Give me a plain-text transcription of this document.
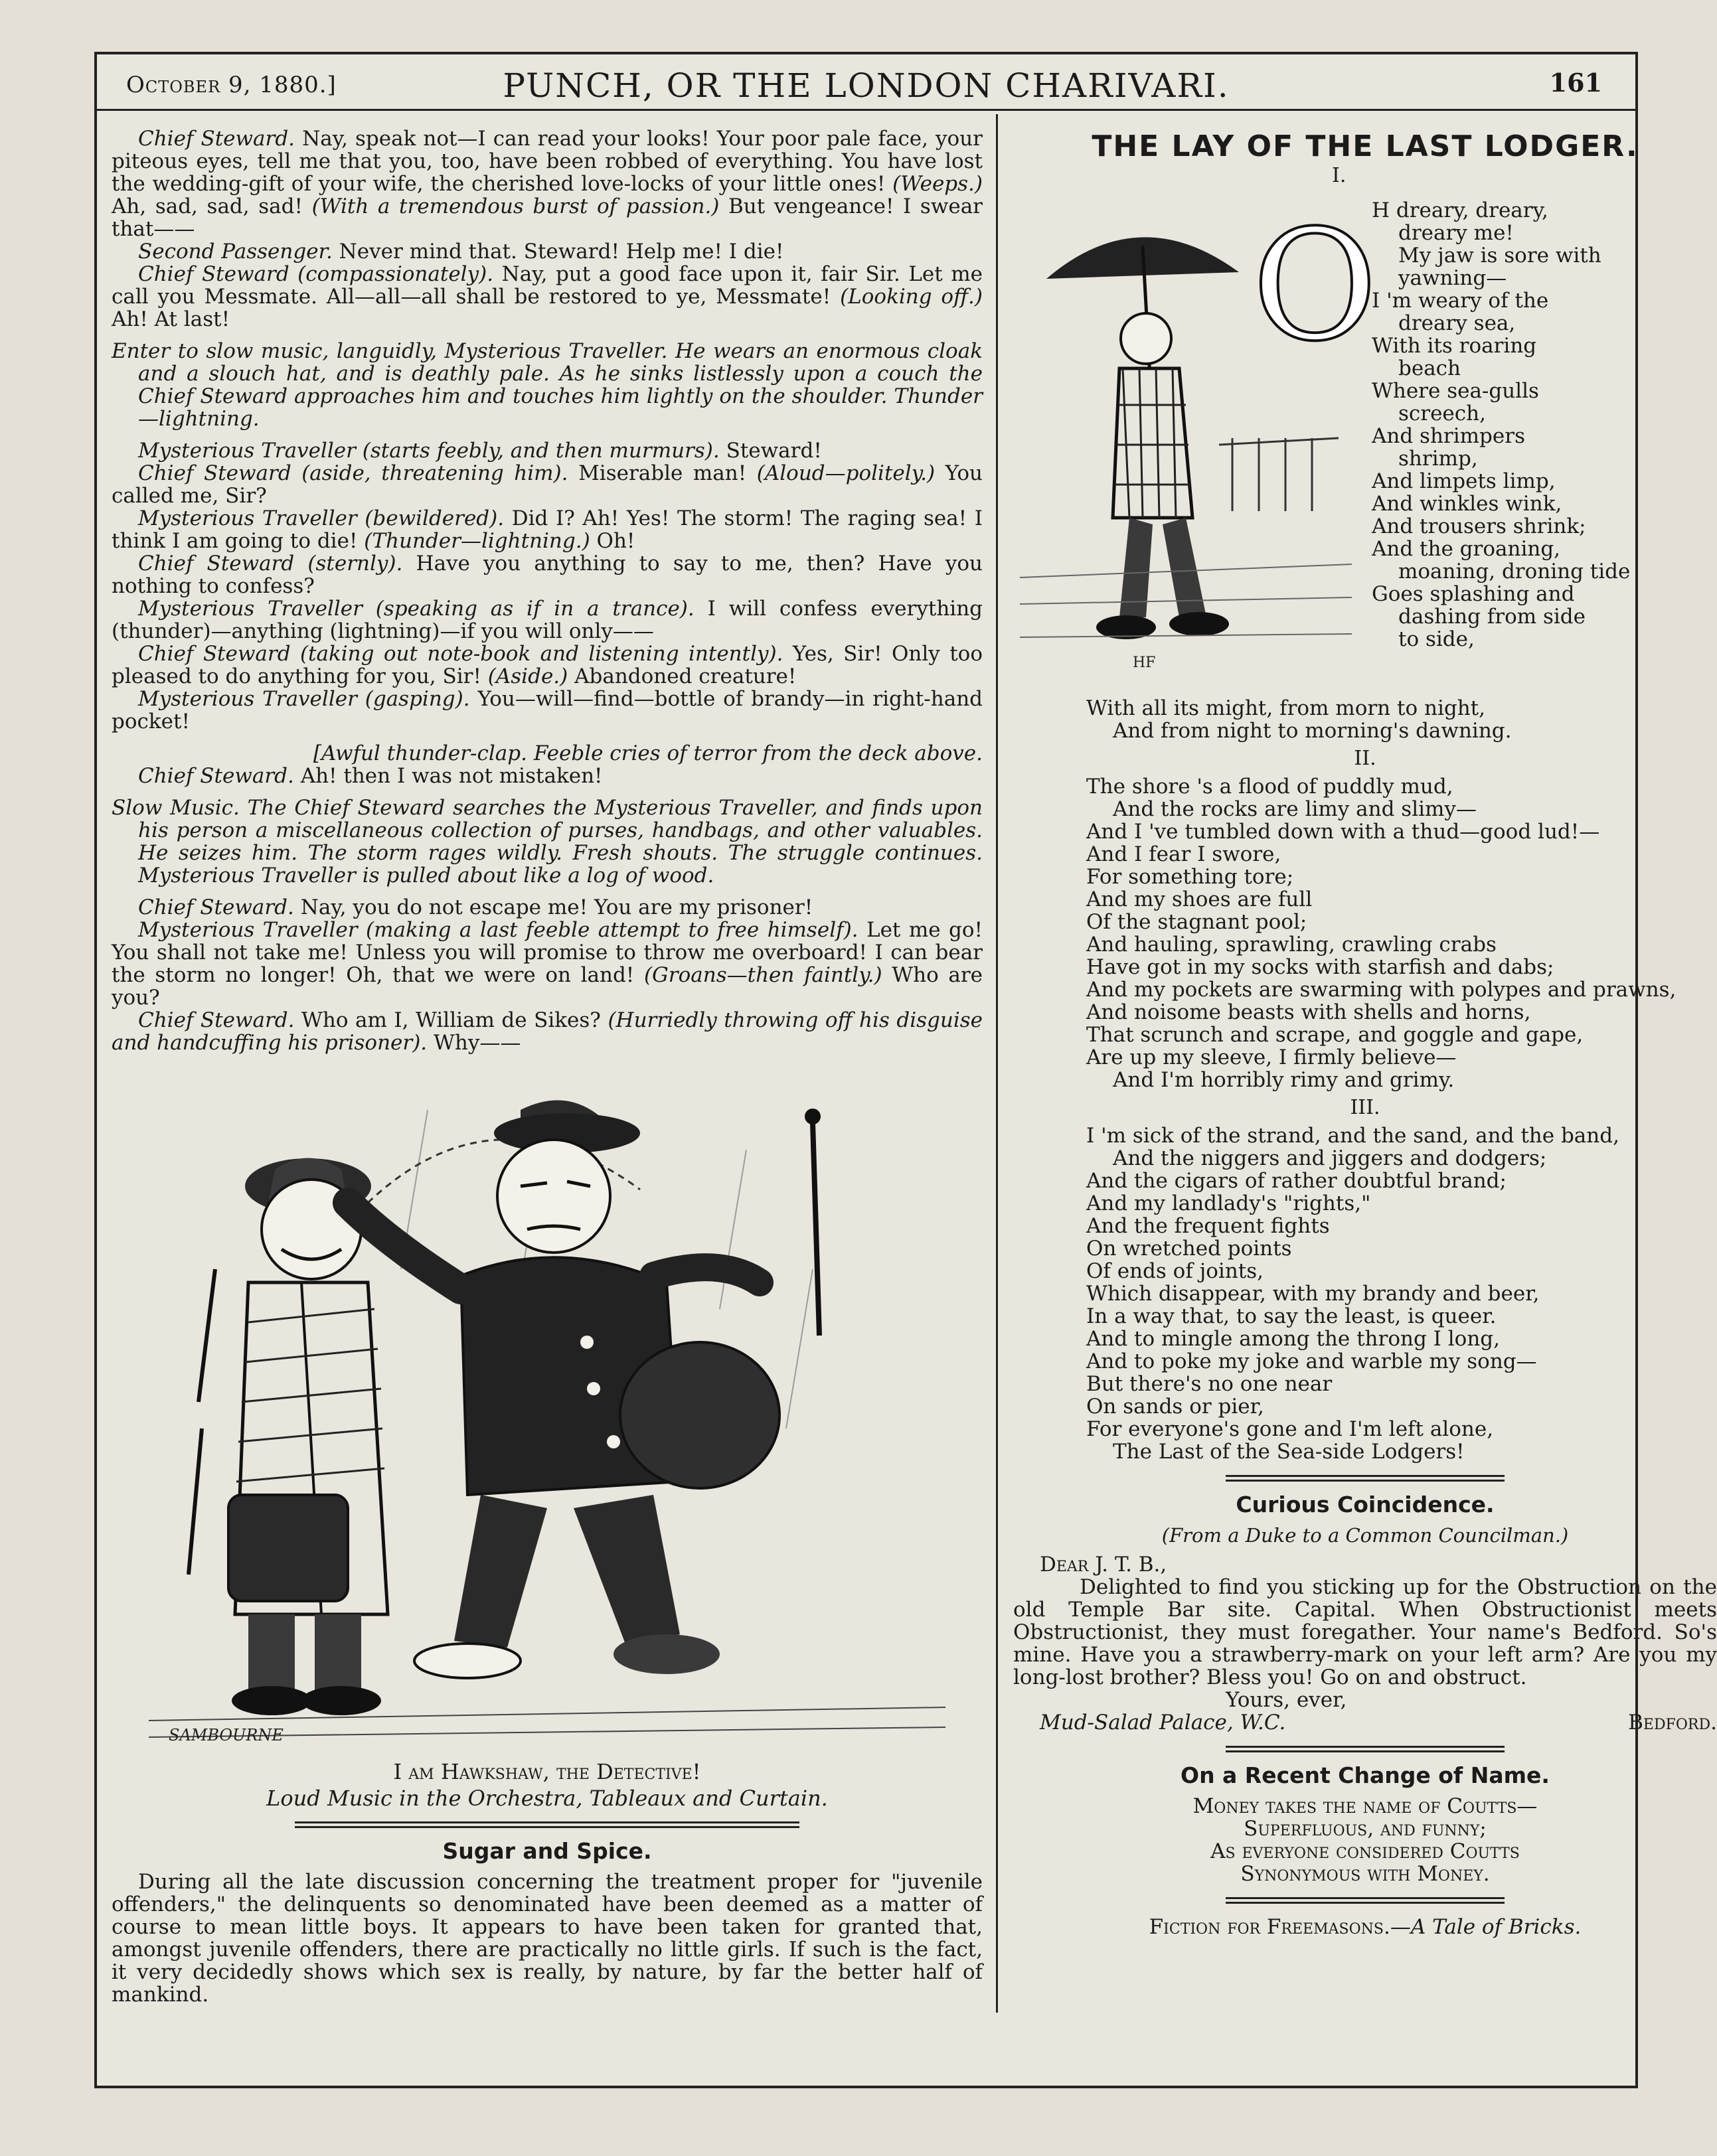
October 9, 1880.]	PUNCH, OR THE LONDON CHARIVARI.	161

Chief Steward. Nay, speak not—I can read your looks! Your poor pale face, your piteous eyes, tell me that you, too, have been robbed of everything. You have lost the wedding-gift of your wife, the cherished love-locks of your little ones! (Weeps.) Ah, sad, sad, sad! (With a tremendous burst of passion.) But vengeance! I swear that——

Second Passenger. Never mind that. Steward! Help me! I die!

Chief Steward (compassionately). Nay, put a good face upon it, fair Sir. Let me call you Messmate. All—all—all shall be restored to ye, Messmate! (Looking off.) Ah! At last!

Enter to slow music, languidly, Mysterious Traveller. He wears an enormous cloak and a slouch hat, and is deathly pale. As he sinks listlessly upon a couch the Chief Steward approaches him and touches him lightly on the shoulder. Thunder—lightning.

Mysterious Traveller (starts feebly, and then murmurs). Steward!

Chief Steward (aside, threatening him). Miserable man! (Aloud—politely.) You called me, Sir?

Mysterious Traveller (bewildered). Did I? Ah! Yes! The storm! The raging sea! I think I am going to die! (Thunder—lightning.) Oh!

Chief Steward (sternly). Have you anything to say to me, then? Have you nothing to confess?

Mysterious Traveller (speaking as if in a trance). I will confess everything (thunder)—anything (lightning)—if you will only——

Chief Steward (taking out note-book and listening intently). Yes, Sir! Only too pleased to do anything for you, Sir! (Aside.) Abandoned creature!

Mysterious Traveller (gasping). You—will—find—bottle of brandy—in right-hand pocket!

[Awful thunder-clap. Feeble cries of terror from the deck above.

Chief Steward. Ah! then I was not mistaken!

Slow Music. The Chief Steward searches the Mysterious Traveller, and finds upon his person a miscellaneous collection of purses, handbags, and other valuables. He seizes him. The storm rages wildly. Fresh shouts. The struggle continues. Mysterious Traveller is pulled about like a log of wood.

Chief Steward. Nay, you do not escape me! You are my prisoner!

Mysterious Traveller (making a last feeble attempt to free himself). Let me go! You shall not take me! Unless you will promise to throw me overboard! I can bear the storm no longer! Oh, that we were on land! (Groans—then faintly.) Who are you?

Chief Steward. Who am I, William de Sikes? (Hurriedly throwing off his disguise and handcuffing his prisoner). Why——

SAMBOURNE

I am Hawkshaw, the Detective!

Loud Music in the Orchestra, Tableaux and Curtain.

Sugar and Spice.

During all the late discussion concerning the treatment proper for "juvenile offenders," the delinquents so denominated have been deemed as a matter of course to mean little boys. It appears to have been taken for granted that, amongst juvenile offenders, there are practically no little girls. If such is the fact, it very decidedly shows which sex is really, by nature, by far the better half of mankind.

THE LAY OF THE LAST LODGER.

I.

O
HF

H dreary, dreary,

dreary me!

My jaw is sore with

yawning—

I 'm weary of the

dreary sea,

With its roaring

beach

Where sea-gulls

screech,

And shrimpers

shrimp,

And limpets limp,

And winkles wink,

And trousers shrink;

And the groaning,

moaning, droning tide

Goes splashing and

dashing from side

to side,

With all its might, from morn to night,

And from night to morning's dawning.

II.

The shore 's a flood of puddly mud,

And the rocks are limy and slimy—

And I 've tumbled down with a thud—good lud!—

And I fear I swore,

For something tore;

And my shoes are full

Of the stagnant pool;

And hauling, sprawling, crawling crabs

Have got in my socks with starfish and dabs;

And my pockets are swarming with polypes and prawns,

And noisome beasts with shells and horns,

That scrunch and scrape, and goggle and gape,

Are up my sleeve, I firmly believe—

And I'm horribly rimy and grimy.

III.

I 'm sick of the strand, and the sand, and the band,

And the niggers and jiggers and dodgers;

And the cigars of rather doubtful brand;

And my landlady's "rights,"

And the frequent fights

On wretched points

Of ends of joints,

Which disappear, with my brandy and beer,

In a way that, to say the least, is queer.

And to mingle among the throng I long,

And to poke my joke and warble my song—

But there's no one near

On sands or pier,

For everyone's gone and I'm left alone,

The Last of the Sea-side Lodgers!

Curious Coincidence.

(From a Duke to a Common Councilman.)

Dear J. T. B.,

Delighted to find you sticking up for the Obstruction on the old Temple Bar site. Capital. When Obstructionist meets Obstructionist, they must foregather. Your name's Bedford. So's mine. Have you a strawberry-mark on your left arm? Are you my long-lost brother? Bless you! Go on and obstruct.

Yours, ever,

Mud-Salad Palace, W.C.	Bedford.

On a Recent Change of Name.

Money takes the name of Coutts—

Superfluous, and funny;

As everyone considered Coutts

Synonymous with Money.

Fiction for Freemasons.—A Tale of Bricks.
